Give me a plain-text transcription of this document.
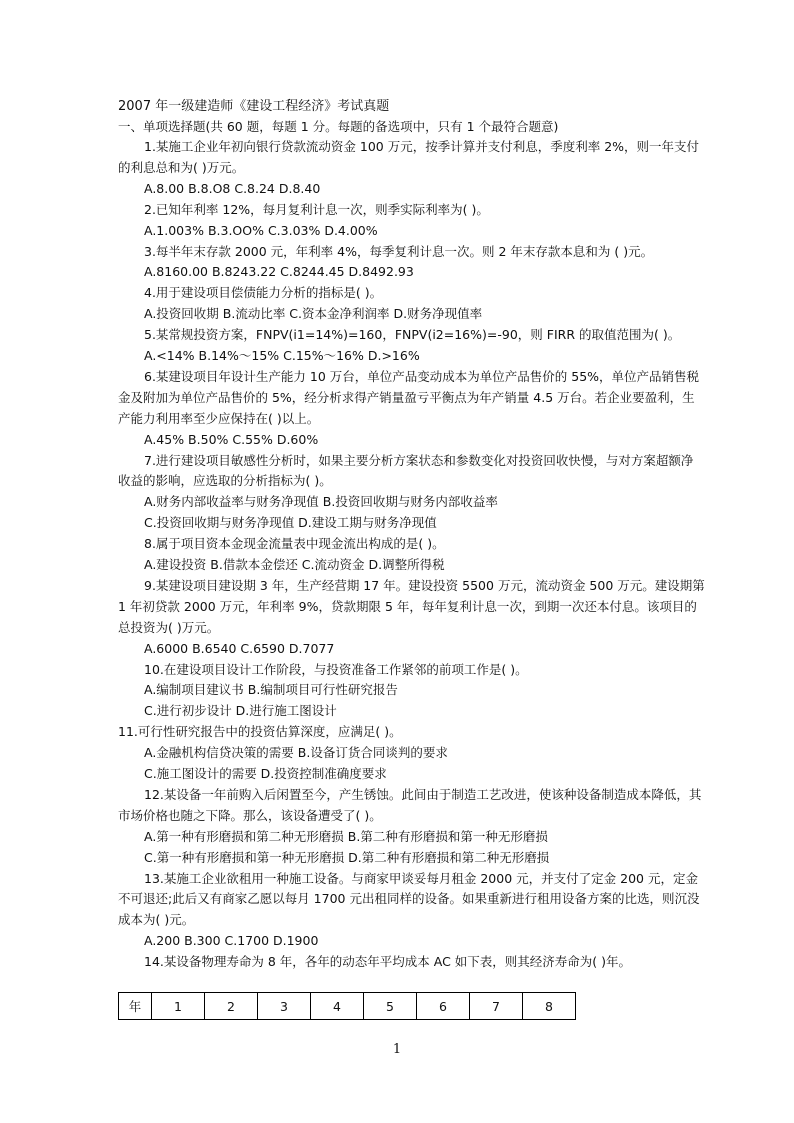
2007 年一级建造师《建设工程经济》考试真题
一、单项选择题(共 60 题，每题 1 分。每题的备选项中，只有 1 个最符合题意)
1.某施工企业年初向银行贷款流动资金 100 万元，按季计算并支付利息，季度利率 2%，则一年支付
的利息总和为( )万元。
A.8.00 B.8.O8 C.8.24 D.8.40
2.已知年利率 12%，每月复利计息一次，则季实际利率为( )。
A.1.003% B.3.OO% C.3.03% D.4.00%
3.每半年末存款 2000 元，年利率 4%，每季复利计息一次。则 2 年末存款本息和为 ( )元。
A.8160.00 B.8243.22 C.8244.45 D.8492.93
4.用于建设项目偿债能力分析的指标是( )。
A.投资回收期 B.流动比率 C.资本金净利润率 D.财务净现值率
5.某常规投资方案，FNPV(i1=14%)=160，FNPV(i2=16%)=-90，则 FIRR 的取值范围为( )。
A.<14% B.14%～15% C.15%～16% D.>16%
6.某建设项目年设计生产能力 10 万台，单位产品变动成本为单位产品售价的 55%，单位产品销售税
金及附加为单位产品售价的 5%，经分析求得产销量盈亏平衡点为年产销量 4.5 万台。若企业要盈利，生
产能力利用率至少应保持在( )以上。
A.45% B.50% C.55% D.60%
7.进行建设项目敏感性分析时，如果主要分析方案状态和参数变化对投资回收快慢，与对方案超额净
收益的影响，应选取的分析指标为( )。
A.财务内部收益率与财务净现值 B.投资回收期与财务内部收益率
C.投资回收期与财务净现值 D.建设工期与财务净现值
8.属于项目资本金现金流量表中现金流出构成的是( )。
A.建设投资 B.借款本金偿还 C.流动资金 D.调整所得税
9.某建设项目建设期 3 年，生产经营期 17 年。建设投资 5500 万元，流动资金 500 万元。建设期第
1 年初贷款 2000 万元，年利率 9%，贷款期限 5 年，每年复利计息一次，到期一次还本付息。该项目的
总投资为( )万元。
A.6000 B.6540 C.6590 D.7077
10.在建设项目设计工作阶段，与投资准备工作紧邻的前项工作是( )。
A.编制项目建议书 B.编制项目可行性研究报告
C.进行初步设计 D.进行施工图设计
11.可行性研究报告中的投资估算深度，应满足( )。
A.金融机构信贷决策的需要 B.设备订货合同谈判的要求
C.施工图设计的需要 D.投资控制准确度要求
12.某设备一年前购入后闲置至今，产生锈蚀。此间由于制造工艺改进，使该种设备制造成本降低，其
市场价格也随之下降。那么，该设备遭受了( )。
A.第一种有形磨损和第二种无形磨损 B.第二种有形磨损和第一种无形磨损
C.第一种有形磨损和第一种无形磨损 D.第二种有形磨损和第二种无形磨损
13.某施工企业欲租用一种施工设备。与商家甲谈妥每月租金 2000 元，并支付了定金 200 元，定金
不可退还;此后又有商家乙愿以每月 1700 元出租同样的设备。如果重新进行租用设备方案的比选，则沉没
成本为( )元。
A.200 B.300 C.1700 D.1900
14.某设备物理寿命为 8 年，各年的动态年平均成本 AC 如下表，则其经济寿命为( )年。
年	1	2	3	4	5	6	7	8
1
